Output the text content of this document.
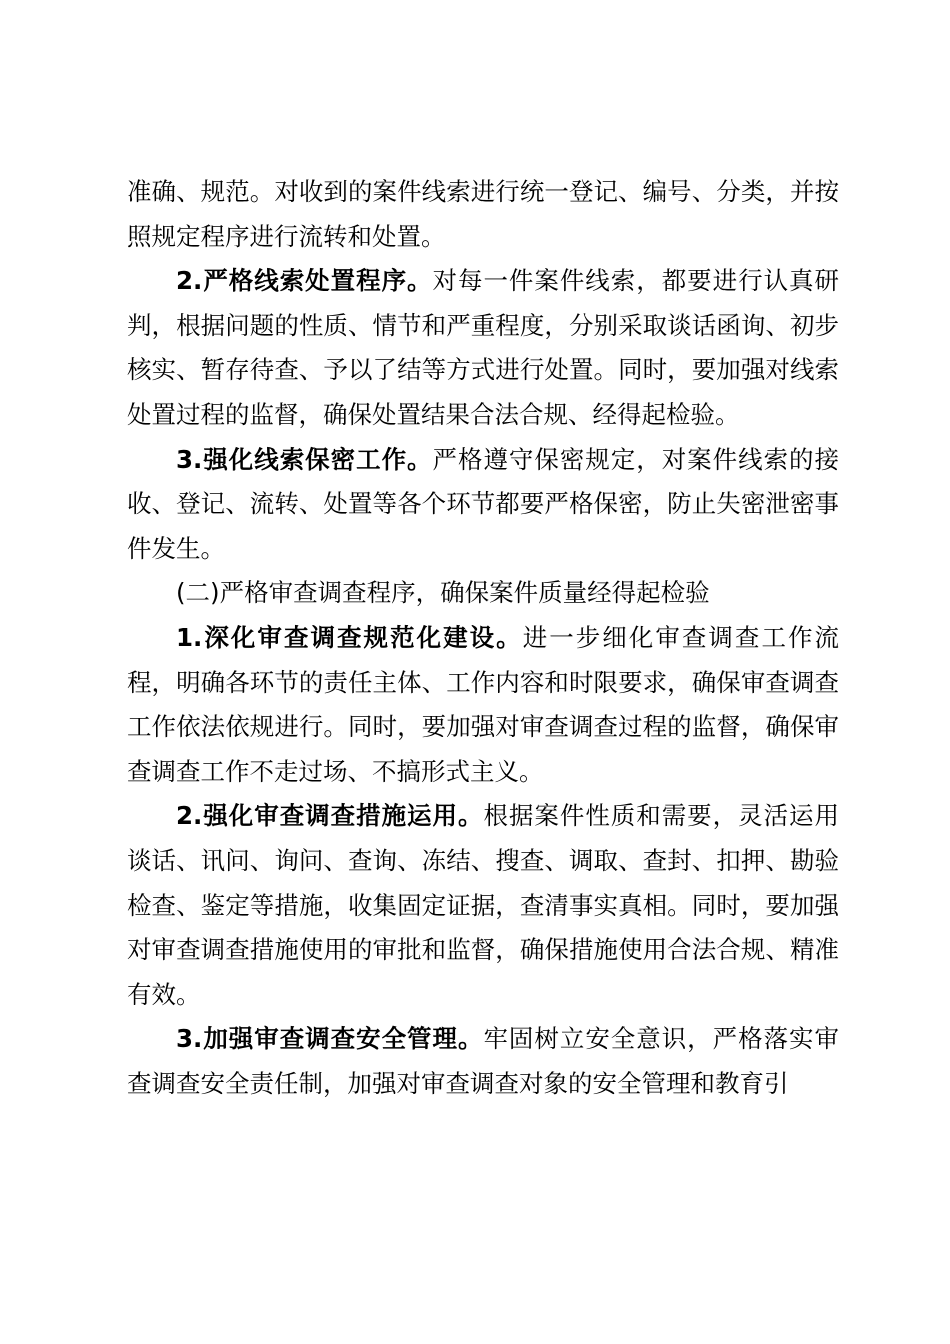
准确、规范。对收到的案件线索进行统一登记、编号、分类，并按照规定程序进行流转和处置。

2.严格线索处置程序。对每一件案件线索，都要进行认真研判，根据问题的性质、情节和严重程度，分别采取谈话函询、初步核实、暂存待查、予以了结等方式进行处置。同时，要加强对线索处置过程的监督，确保处置结果合法合规、经得起检验。

3.强化线索保密工作。严格遵守保密规定，对案件线索的接收、登记、流转、处置等各个环节都要严格保密，防止失密泄密事件发生。

(二)严格审查调查程序，确保案件质量经得起检验

1.深化审查调查规范化建设。进一步细化审查调查工作流程，明确各环节的责任主体、工作内容和时限要求，确保审查调查工作依法依规进行。同时，要加强对审查调查过程的监督，确保审查调查工作不走过场、不搞形式主义。

2.强化审查调查措施运用。根据案件性质和需要，灵活运用谈话、讯问、询问、查询、冻结、搜查、调取、查封、扣押、勘验检查、鉴定等措施，收集固定证据，查清事实真相。同时，要加强对审查调查措施使用的审批和监督，确保措施使用合法合规、精准有效。

3.加强审查调查安全管理。牢固树立安全意识，严格落实审查调查安全责任制，加强对审查调查对象的安全管理和教育引
